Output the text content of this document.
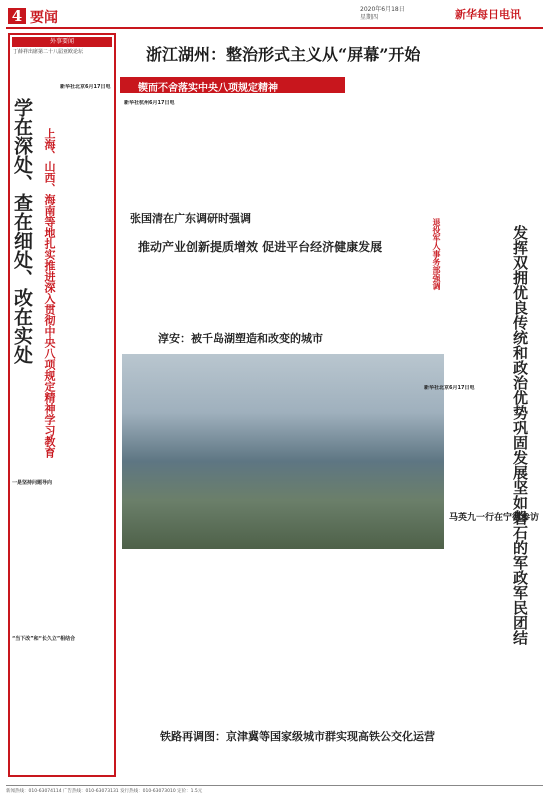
4 要闻
2020年6月18日
星期四	新华每日电讯
外事要闻
丁薛祥出席第二十八届亚欧论坛
学在深处、查在细处、改在实处 上海、山西、海南等地扎实推进深入贯彻中央八项规定精神学习教育

新华社北京6月17日电

一是坚持问题导向

“当下改”和“长久立”相结合

浙江湖州：整治形式主义从“屏幕”开始
锲而不舍落实中央八项规定精神

新华社杭州6月17日电

张国清在广东调研时强调
推动产业创新提质增效 促进平台经济健康发展
淳安：被千岛湖塑造和改变的城市
铁路再调图：京津冀等国家级城市群实现高铁公交化运营
退役军人事务部强调	发挥双拥优良传统和政治优势巩固发展坚如磐石的军政军民团结

新华社北京6月17日电

马英九一行在宁德参访
新闻热线：010-63074114 广告热线：010-63073131 发行热线：010-63073010 定价：1.5元
